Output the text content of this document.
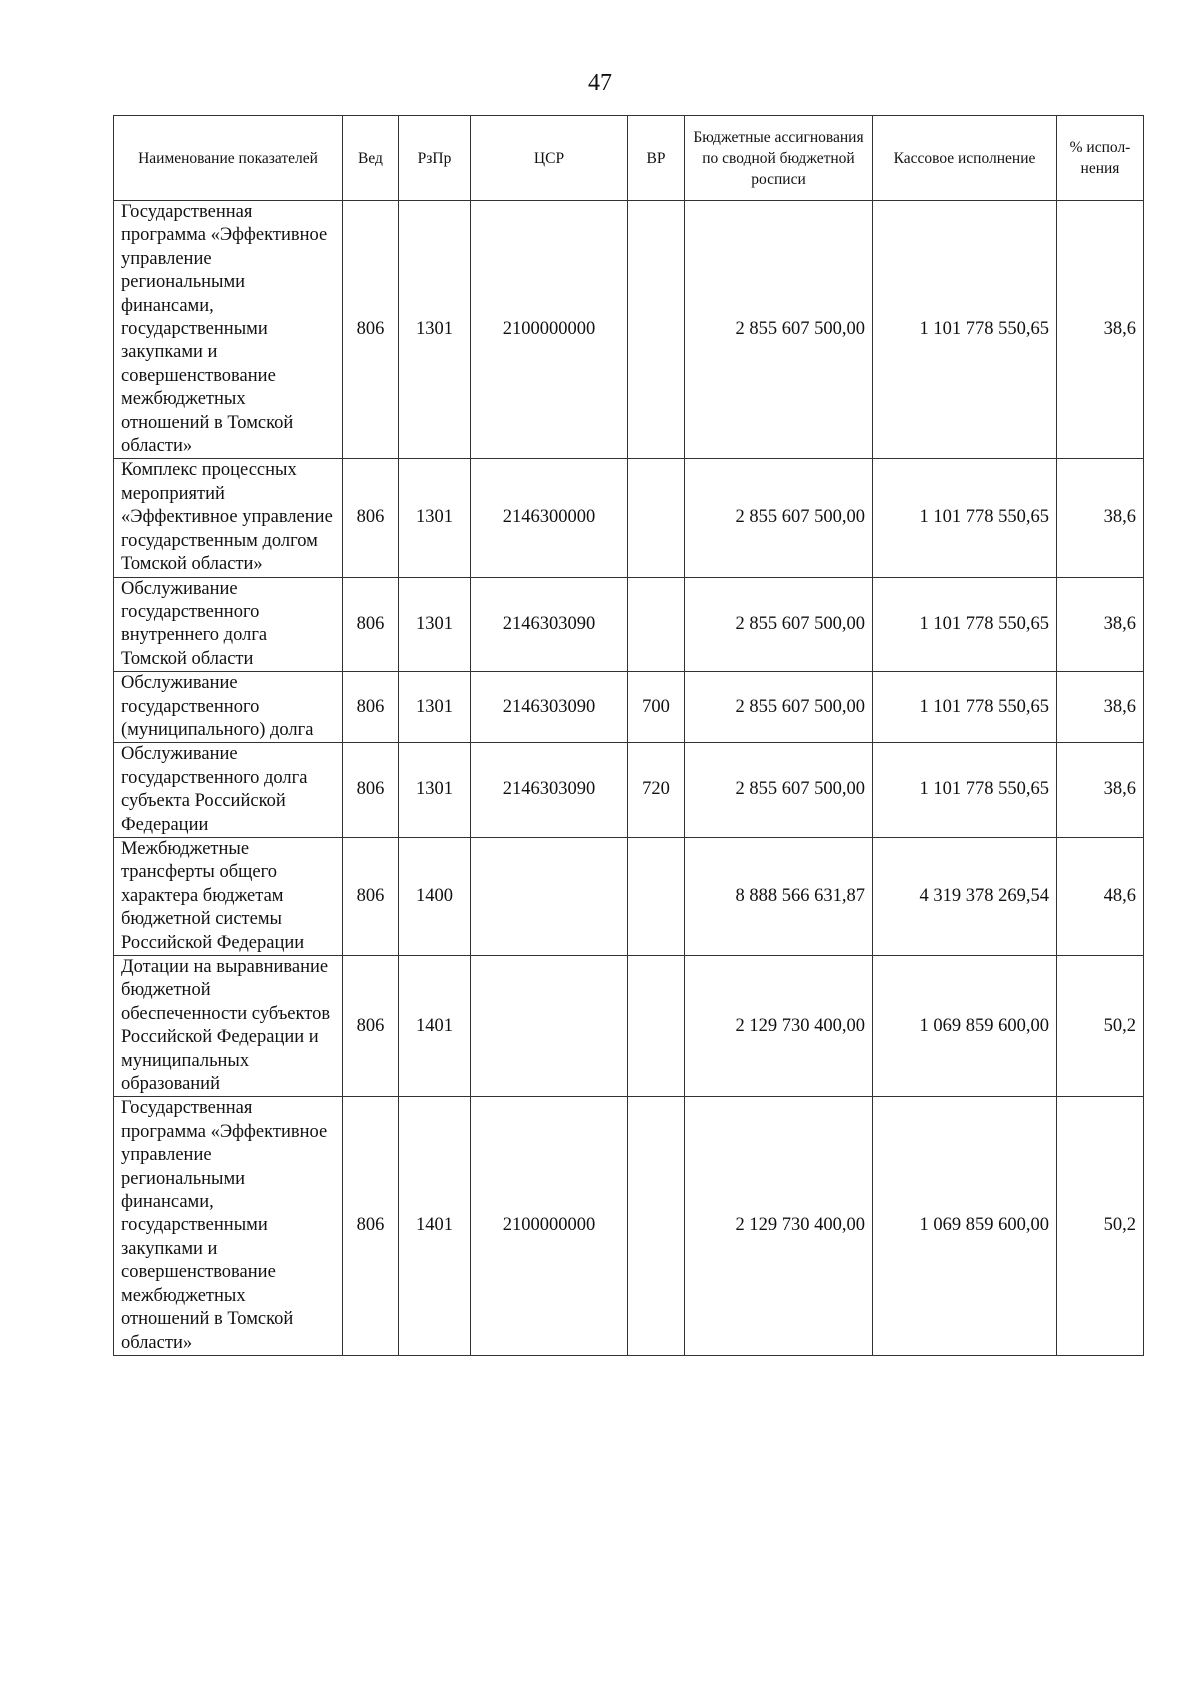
47
Наименование показателей	Вед	РзПр	ЦСР	ВР	Бюджетные ассигнования по сводной бюджетной росписи	Кассовое исполнение	% испол- нения
Государственная программа «Эффективное управление региональными финансами, государственными закупками и совершенствование межбюджетных отношений в Томской области»	806	1301	2100000000		2 855 607 500,00	1 101 778 550,65	38,6
Комплекс процессных мероприятий «Эффективное управление государственным долгом Томской области»	806	1301	2146300000		2 855 607 500,00	1 101 778 550,65	38,6
Обслуживание государственного внутреннего долга Томской области	806	1301	2146303090		2 855 607 500,00	1 101 778 550,65	38,6
Обслуживание государственного (муниципального) долга	806	1301	2146303090	700	2 855 607 500,00	1 101 778 550,65	38,6
Обслуживание государственного долга субъекта Российской Федерации	806	1301	2146303090	720	2 855 607 500,00	1 101 778 550,65	38,6
Межбюджетные трансферты общего характера бюджетам бюджетной системы Российской Федерации	806	1400			8 888 566 631,87	4 319 378 269,54	48,6
Дотации на выравнивание бюджетной обеспеченности субъектов Российской Федерации и муниципальных образований	806	1401			2 129 730 400,00	1 069 859 600,00	50,2
Государственная программа «Эффективное управление региональными финансами, государственными закупками и совершенствование межбюджетных отношений в Томской области»	806	1401	2100000000		2 129 730 400,00	1 069 859 600,00	50,2
